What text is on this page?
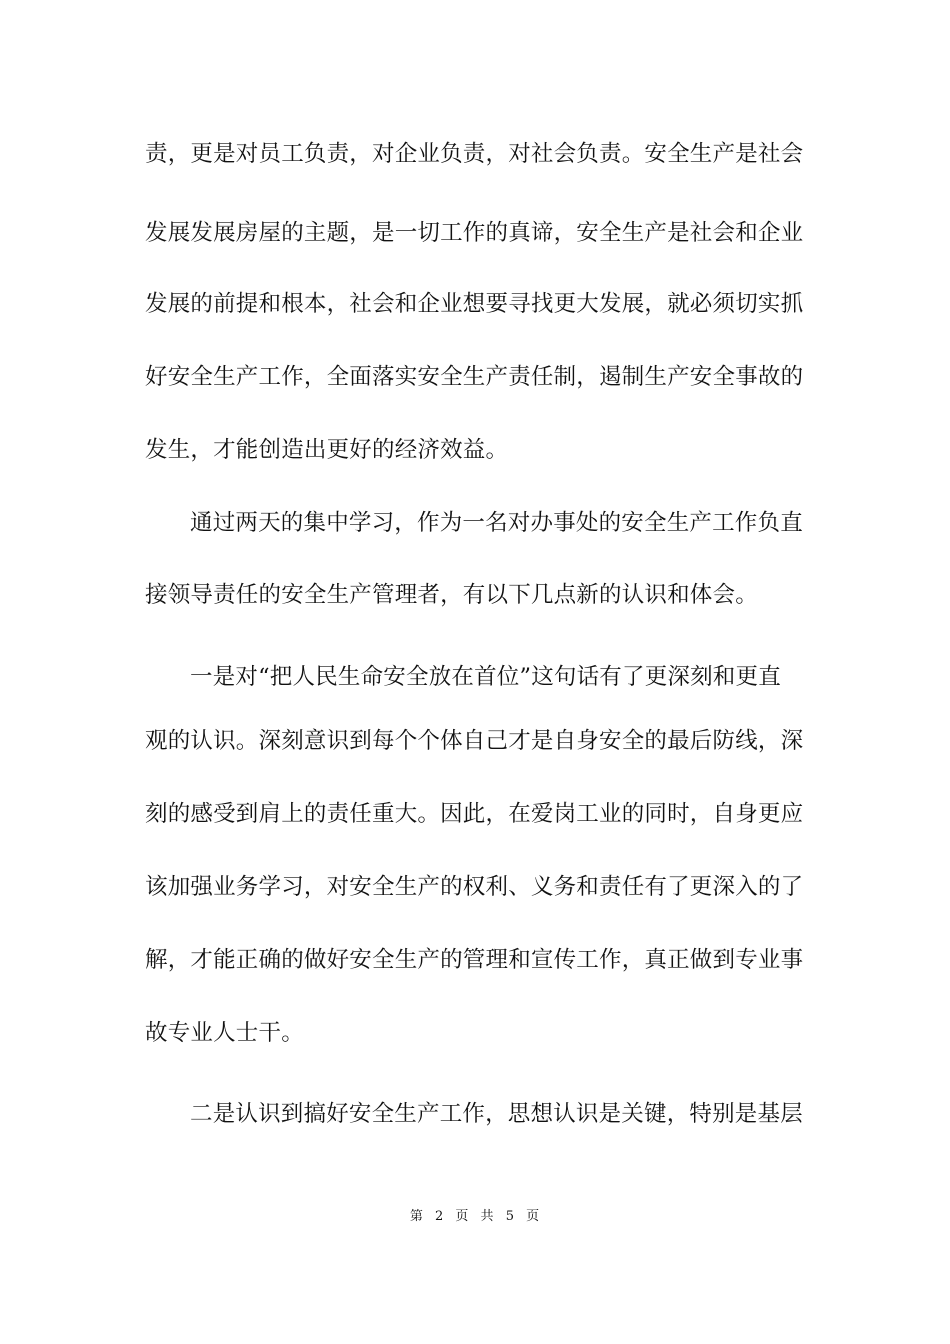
责，更是对员工负责，对企业负责，对社会负责。安全生产是社会
发展发展房屋的主题，是一切工作的真谛，安全生产是社会和企业
发展的前提和根本，社会和企业想要寻找更大发展，就必须切实抓
好安全生产工作，全面落实安全生产责任制，遏制生产安全事故的
发生，才能创造出更好的经济效益。
通过两天的集中学习，作为一名对办事处的安全生产工作负直
接领导责任的安全生产管理者，有以下几点新的认识和体会。
一是对“把人民生命安全放在首位”这句话有了更深刻和更直
观的认识。深刻意识到每个个体自己才是自身安全的最后防线，深
刻的感受到肩上的责任重大。因此，在爱岗工业的同时，自身更应
该加强业务学习，对安全生产的权利、义务和责任有了更深入的了
解，才能正确的做好安全生产的管理和宣传工作，真正做到专业事
故专业人士干。
二是认识到搞好安全生产工作，思想认识是关键，特别是基层
第 2 页 共 5 页
